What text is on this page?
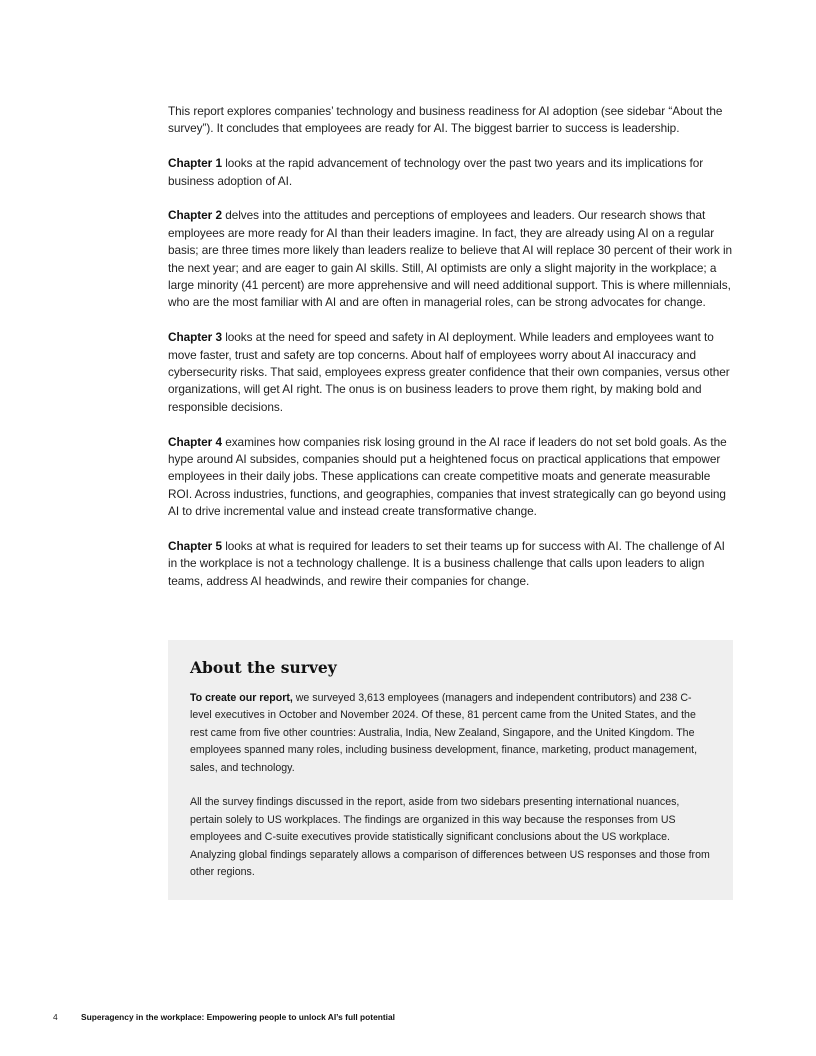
This report explores companies’ technology and business readiness for AI adoption (see sidebar “About the survey”). It concludes that employees are ready for AI. The biggest barrier to success is leadership.

Chapter 1 looks at the rapid advancement of technology over the past two years and its implications for business adoption of AI.

Chapter 2 delves into the attitudes and perceptions of employees and leaders. Our research shows that employees are more ready for AI than their leaders imagine. In fact, they are already using AI on a regular basis; are three times more likely than leaders realize to believe that AI will replace 30 percent of their work in the next year; and are eager to gain AI skills. Still, AI optimists are only a slight majority in the workplace; a large minority (41 percent) are more apprehensive and will need additional support. This is where millennials, who are the most familiar with AI and are often in managerial roles, can be strong advocates for change.

Chapter 3 looks at the need for speed and safety in AI deployment. While leaders and employees want to move faster, trust and safety are top concerns. About half of employees worry about AI inaccuracy and cybersecurity risks. That said, employees express greater confidence that their own companies, versus other organizations, will get AI right. The onus is on business leaders to prove them right, by making bold and responsible decisions.

Chapter 4 examines how companies risk losing ground in the AI race if leaders do not set bold goals. As the hype around AI subsides, companies should put a heightened focus on practical applications that empower employees in their daily jobs. These applications can create competitive moats and generate measurable ROI. Across industries, functions, and geographies, companies that invest strategically can go beyond using AI to drive incremental value and instead create transformative change.

Chapter 5 looks at what is required for leaders to set their teams up for success with AI. The challenge of AI in the workplace is not a technology challenge. It is a business challenge that calls upon leaders to align teams, address AI headwinds, and rewire their companies for change.

About the survey

To create our report, we surveyed 3,613 employees (managers and independent contributors) and 238 C-level executives in October and November 2024. Of these, 81 percent came from the United States, and the rest came from five other countries: Australia, India, New Zealand, Singapore, and the United Kingdom. The employees spanned many roles, including business development, finance, marketing, product management, sales, and technology.

All the survey findings discussed in the report, aside from two sidebars presenting international nuances, pertain solely to US workplaces. The findings are organized in this way because the responses from US employees and C-suite executives provide statistically significant conclusions about the US workplace. Analyzing global findings separately allows a comparison of differences between US responses and those from other regions.

4	Superagency in the workplace: Empowering people to unlock AI’s full potential
